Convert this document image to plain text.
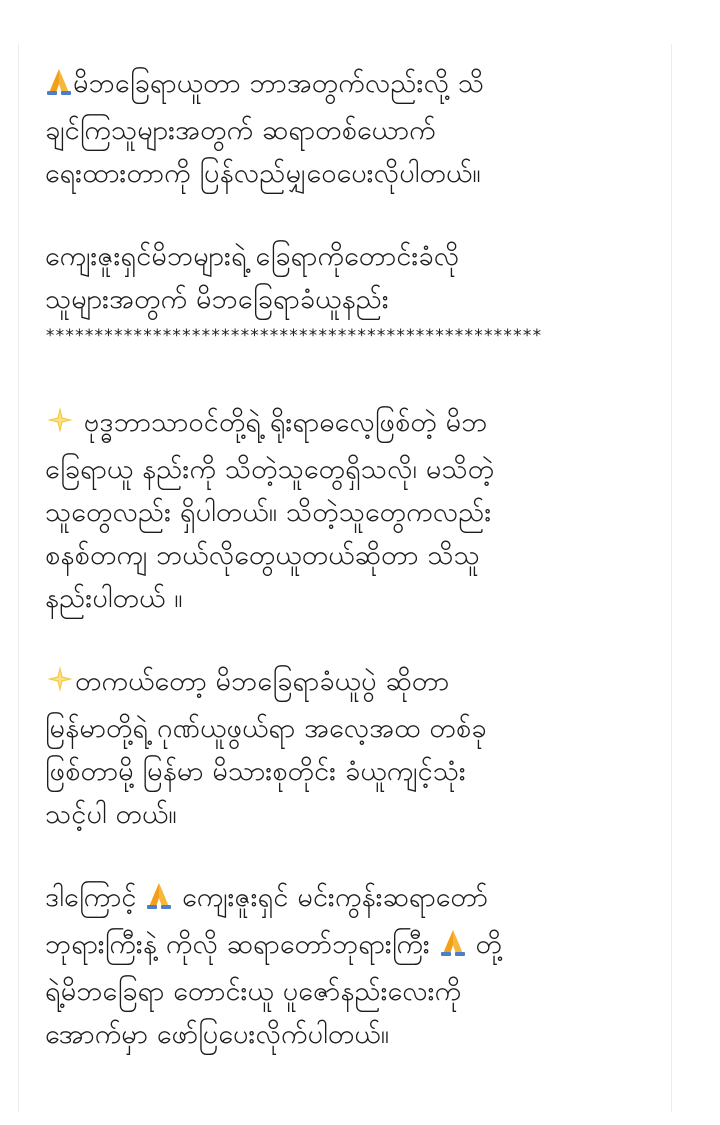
မိဘခြေရာယူတာ ဘာအတွက်လည်းလို့ သိ
ချင်ကြသူများအတွက် ဆရာတစ်ယောက်
ရေးထားတာကို ပြန်လည်မျှဝေပေးလိုပါတယ်။

ကျေးဇူးရှင်မိဘများရဲ့ ခြေရာကိုတောင်းခံလို
သူများအတွက် မိဘခြေရာခံယူနည်း
***************************************************

ဗုဒ္ဓဘာသာဝင်တို့ရဲ့ ရိုးရာဓလေ့ဖြစ်တဲ့ မိဘ
ခြေရာယူ နည်းကို သိတဲ့သူတွေရှိသလို၊ မသိတဲ့
သူတွေလည်း ရှိပါတယ်။ သိတဲ့သူတွေကလည်း
စနစ်တကျ ဘယ်လိုတွေယူတယ်ဆိုတာ သိသူ
နည်းပါတယ် ။

တကယ်တော့ မိဘခြေရာခံယူပွဲ ဆိုတာ
မြန်မာတို့ရဲ့ ဂုဏ်ယူဖွယ်ရာ အလေ့အထ တစ်ခု
ဖြစ်တာမို့ မြန်မာ မိသားစုတိုင်း ခံယူကျင့်သုံး
သင့်ပါ တယ်။

ဒါကြောင့်  ကျေးဇူးရှင် မင်းကွန်းဆရာတော်
ဘုရားကြီးနဲ့ ကိုလို ဆရာတော်ဘုရားကြီး  တို့
ရဲ့မိဘခြေရာ တောင်းယူ ပူဇော်နည်းလေးကို
အောက်မှာ ဖော်ပြပေးလိုက်ပါတယ်။
